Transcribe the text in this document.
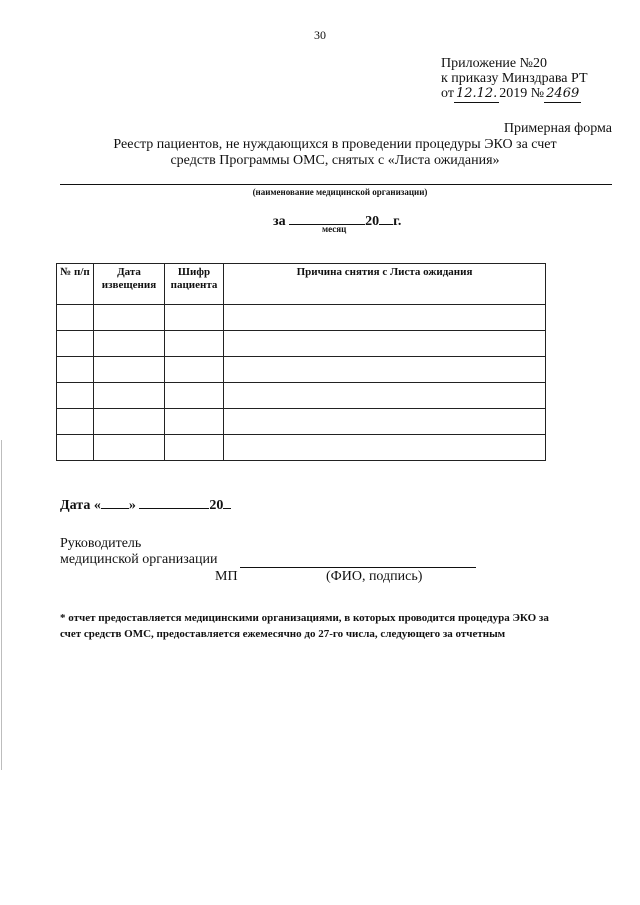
30
Приложение №20
к приказу Минздрава РТ
от 12.12. 2019 № 2469
Примерная форма
Реестр пациентов, не нуждающихся в проведении процедуры ЭКО за счет
средств Программы ОМС, снятых с «Листа ожидания»
(наименование медицинской организации)
за	20 г.
месяц
№ п/п	Дата извещения	Шифр пациента	Причина снятия с Листа ожидания

Дата « »	20
Руководитель
медицинской организации
МП	(ФИО, подпись)
* отчет предоставляется медицинскими организациями, в которых проводится процедура ЭКО за
счет средств ОМС, предоставляется ежемесячно до 27-го числа, следующего за отчетным
